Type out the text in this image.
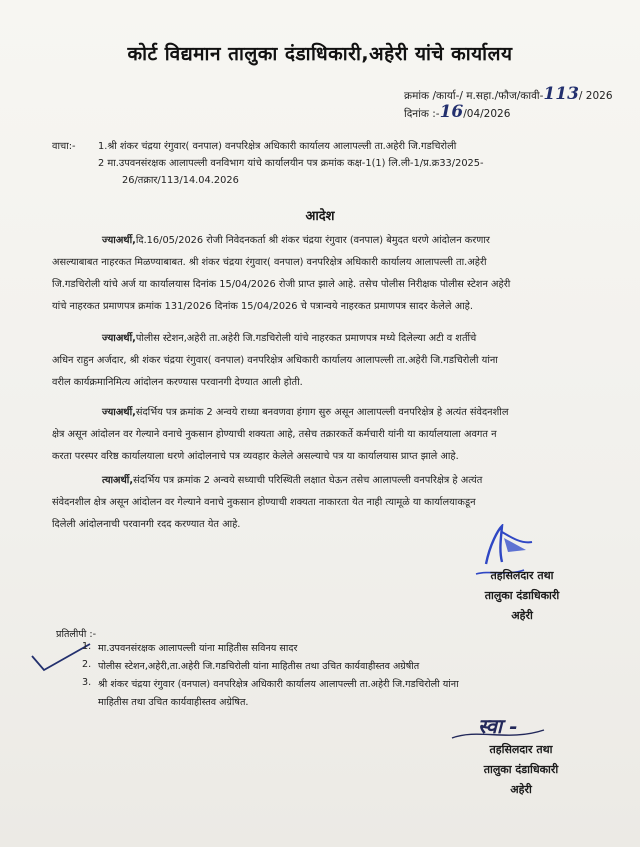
कोर्ट विद्यमान तालुका दंडाधिकारी,अहेरी यांचे कार्यालय
क्रमांक /कार्या-/ म.सहा./फौज/कावी-113/ 2026
दिनांक :-16/04/2026
वाचा:- 1.श्री शंकर चंद्रया रंगुवार( वनपाल) वनपरिक्षेत्र अधिकारी कार्यालय आलापल्ली ता.अहेरी जि.गडचिरोली
2 मा.उपवनसंरक्षक आलापल्ली वनविभाग यांचे कार्यालयीन पत्र क्रमांक कक्ष-1(1) लि.ली-1/प्र.क्र33/2025-
26/तक्रार/113/14.04.2026
आदेश
ज्याअर्थी,दि.16/05/2026 रोजी निवेदनकर्ता श्री शंकर चंद्रया रंगुवार (वनपाल) बेमुदत धरणे आंदोलन करणार
असल्याबाबत नाहरकत मिळण्याबाबत. श्री शंकर चंद्रया रंगुवार( वनपाल) वनपरिक्षेत्र अधिकारी कार्यालय आलापल्ली ता.अहेरी
जि.गडचिरोली यांचे अर्ज या कार्यालयास दिनांक 15/04/2026 रोजी प्राप्त झाले आहे. तसेच पोलीस निरीक्षक पोलीस स्टेशन अहेरी
यांचे नाहरकत प्रमाणपत्र क्रमांक 131/2026 दिनांक 15/04/2026 चे पत्रान्वये नाहरकत प्रमाणपत्र सादर केलेले आहे.
ज्याअर्थी,पोलीस स्टेशन,अहेरी ता.अहेरी जि.गडचिरोली यांचे नाहरकत प्रमाणपत्र मध्ये दिलेल्या अटी व शर्तीचे
अधिन राहुन अर्जदार, श्री शंकर चंद्रया रंगुवार( वनपाल) वनपरिक्षेत्र अधिकारी कार्यालय आलापल्ली ता.अहेरी जि.गडचिरोली यांना
वरील कार्यक्रमानिमित्य आंदोलन करण्यास परवानगी देण्यात आली होती.
ज्याअर्थी,संदर्भिय पत्र क्रमांक 2 अन्वये राध्या बनवणवा हंगाग सुरु असून आलापल्ली वनपरिक्षेत्र हे अत्यंत संवेदनशील
क्षेत्र असून आंदोलन वर गेल्याने वनाचे नुकसान होण्याची शक्यता आहे, तसेच तक्रारकर्ते कर्मचारी यांनी या कार्यालयाला अवगत न
करता परस्पर वरिष्ठ कार्यालयाला धरणे आंदोलनाचे पत्र व्यवहार केलेले असल्याचे पत्र या कार्यालयास प्राप्त झाले आहे.
त्याअर्थी,संदर्भिय पत्र क्रमांक 2 अन्वये सध्याची परिस्थिती लक्षात घेऊन तसेच आलापल्ली वनपरिक्षेत्र हे अत्यंत
संवेदनशील क्षेत्र असून आंदोलन वर गेल्याने वनाचे नुकसान होण्याची शक्यता नाकारता येत नाही त्यामूळे या कार्यालयाकडून
दिलेली आंदोलनाची परवानगी रदद करण्यात येत आहे.
तहसिलदार तथा
तालुका दंडाधिकारी
अहेरी
प्रतिलीपी :-
1. मा.उपवनसंरक्षक आलापल्ली यांना माहितीस सविनय सादर
2. पोलीस स्टेशन,अहेरी,ता.अहेरी जि.गडचिरोली यांना माहितीस तथा उचित कार्यवाहीस्तव अग्रेषीत
3. श्री शंकर चंद्रया रंगुवार (वनपाल) वनपरिक्षेत्र अधिकारी कार्यालय आलापल्ली ता.अहेरी जि.गडचिरोली यांना
माहितीस तथा उचित कार्यवाहीस्तव अग्रेषित.
स्वा -
तहसिलदार तथा
तालुका दंडाधिकारी
अहेरी
